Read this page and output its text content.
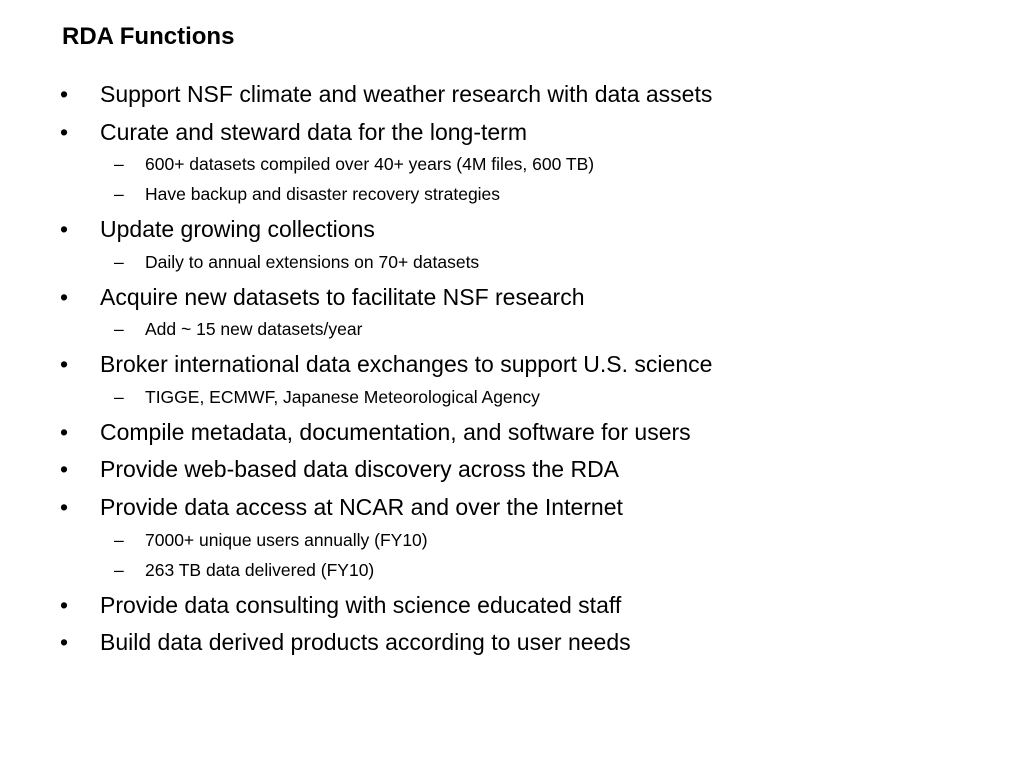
RDA Functions
•	Support NSF climate and weather research with data assets
•	Curate and steward data for the long-term
– 600+ datasets compiled over 40+ years (4M files, 600 TB)
– Have backup and disaster recovery strategies
•	Update growing collections
– Daily to annual extensions on 70+ datasets
•	Acquire new datasets to facilitate NSF research
– Add ~ 15 new datasets/year
•	Broker international data exchanges to support U.S. science
– TIGGE, ECMWF, Japanese Meteorological Agency
•	Compile metadata, documentation, and software for users
•	Provide web-based data discovery across the RDA
•	Provide data access at NCAR and over the Internet
– 7000+ unique users annually (FY10)
– 263 TB data delivered (FY10)
•	Provide data consulting with science educated staff
•	Build data derived products according to user needs
